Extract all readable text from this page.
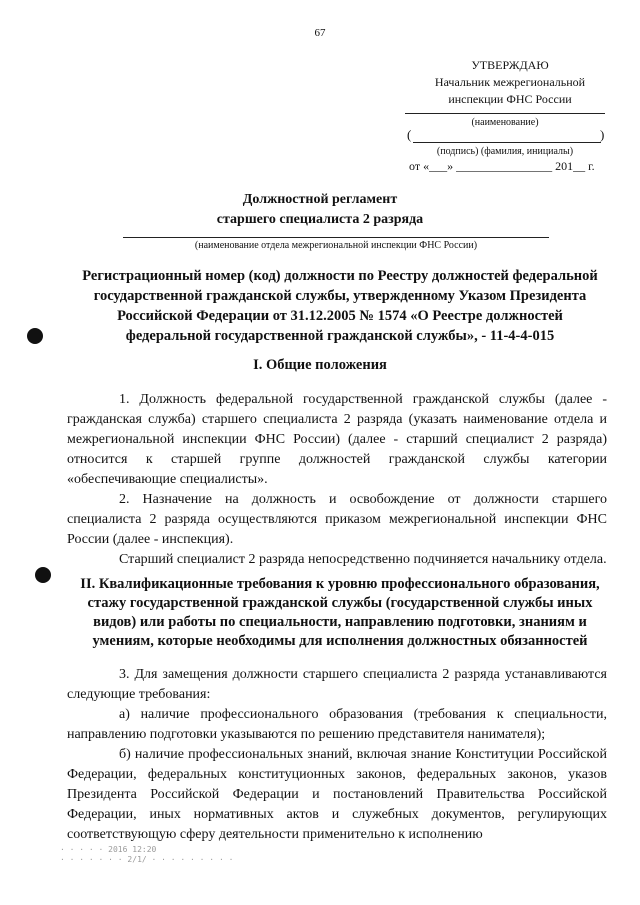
67
УТВЕРЖДАЮ
Начальник межрегиональной
инспекции ФНС России
(наименование)
(	)
(подпись) (фамилия, инициалы)
от «___» ________________ 201__ г.
Должностной регламент
старшего специалиста 2 разряда
(наименование отдела межрегиональной инспекции ФНС России)
Регистрационный номер (код) должности по Реестру должностей федеральной
государственной гражданской службы, утвержденному Указом Президента
Российской Федерации от 31.12.2005 № 1574 «О Реестре должностей
федеральной государственной гражданской службы», - 11-4-4-015
I. Общие положения

1. Должность федеральной государственной гражданской службы (далее - гражданская служба) старшего специалиста 2 разряда (указать наименование отдела и межрегиональной инспекции ФНС России) (далее - старший специалист 2 разряда) относится к старшей группе должностей гражданской службы категории «обеспечивающие специалисты».

2. Назначение на должность и освобождение от должности старшего специалиста 2 разряда осуществляются приказом межрегиональной инспекции ФНС России (далее - инспекция).

Старший специалист 2 разряда непосредственно подчиняется начальнику отдела.

II. Квалификационные требования к уровню профессионального образования,
стажу государственной гражданской службы (государственной службы иных
видов) или работы по специальности, направлению подготовки, знаниям и
умениям, которые необходимы для исполнения должностных обязанностей

3. Для замещения должности старшего специалиста 2 разряда устанавливаются следующие требования:

а) наличие профессионального образования (требования к специальности, направлению подготовки указываются по решению представителя нанимателя);

б) наличие профессиональных знаний, включая знание Конституции Российской Федерации, федеральных конституционных законов, федеральных законов, указов Президента Российской Федерации и постановлений Правительства Российской Федерации, иных нормативных актов и служебных документов, регулирующих соответствующую сферу деятельности применительно к исполнению

· · · · · 2016 12:20
· · · · · · · 2/1/ · · · · · · · · ·
